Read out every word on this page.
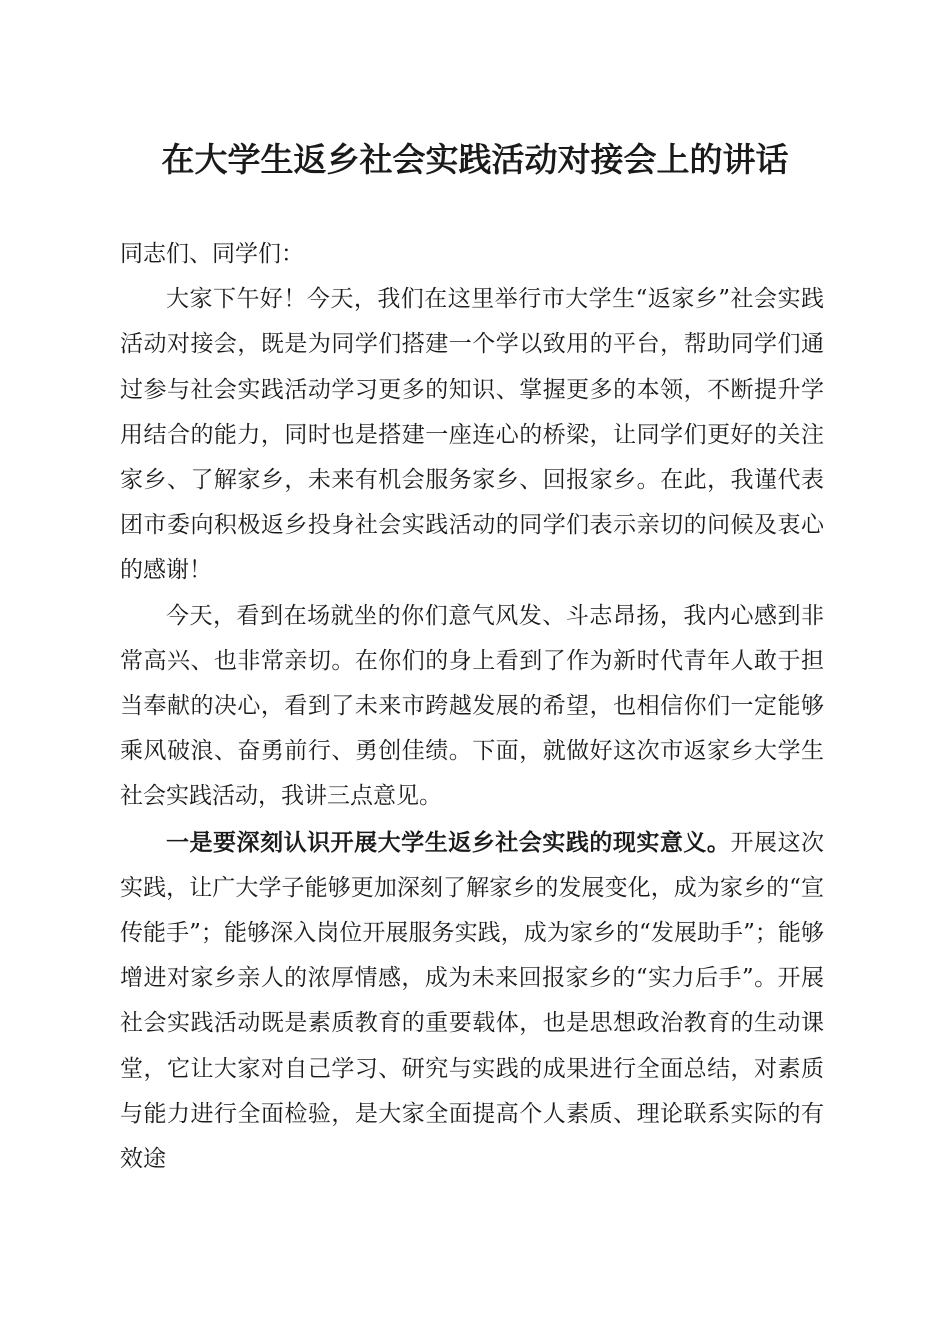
在大学生返乡社会实践活动对接会上的讲话

同志们、同学们：

大家下午好！今天，我们在这里举行市大学生“返家乡”社会实践活动对接会，既是为同学们搭建一个学以致用的平台，帮助同学们通过参与社会实践活动学习更多的知识、掌握更多的本领，不断提升学用结合的能力，同时也是搭建一座连心的桥梁，让同学们更好的关注家乡、了解家乡，未来有机会服务家乡、回报家乡。在此，我谨代表团市委向积极返乡投身社会实践活动的同学们表示亲切的问候及衷心的感谢！

今天，看到在场就坐的你们意气风发、斗志昂扬，我内心感到非常高兴、也非常亲切。在你们的身上看到了作为新时代青年人敢于担当奉献的决心，看到了未来市跨越发展的希望，也相信你们一定能够乘风破浪、奋勇前行、勇创佳绩。下面，就做好这次市返家乡大学生社会实践活动，我讲三点意见。

一是要深刻认识开展大学生返乡社会实践的现实意义。开展这次实践，让广大学子能够更加深刻了解家乡的发展变化，成为家乡的“宣传能手”；能够深入岗位开展服务实践，成为家乡的“发展助手”；能够增进对家乡亲人的浓厚情感，成为未来回报家乡的“实力后手”。开展社会实践活动既是素质教育的重要载体，也是思想政治教育的生动课堂，它让大家对自己学习、研究与实践的成果进行全面总结，对素质与能力进行全面检验，是大家全面提高个人素质、理论联系实际的有效途
